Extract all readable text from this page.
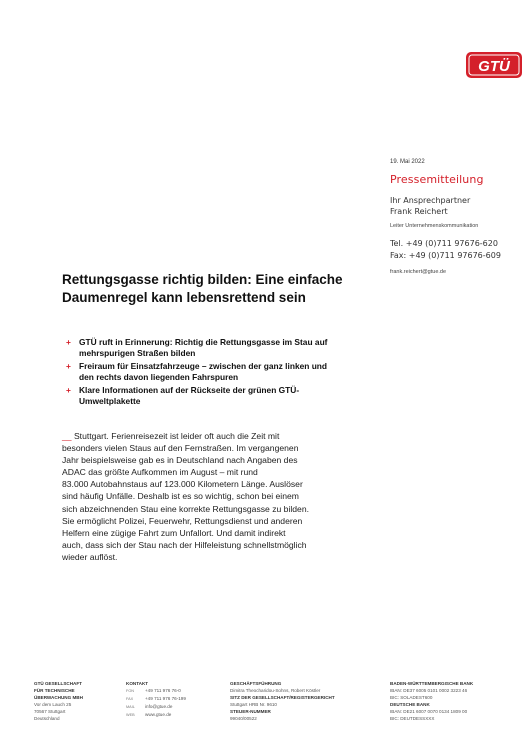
GTÜ
19. Mai 2022
Pressemitteilung
Ihr Ansprechpartner
Frank Reichert
Leiter Unternehmenskommunikation
Tel. +49 (0)711 97676-620
Fax: +49 (0)711 97676-609
frank.reichert@gtue.de
Rettungsgasse richtig bilden: Eine einfache
Daumenregel kann lebensrettend sein
+ GTÜ ruft in Erinnerung: Richtig die Rettungsgasse im Stau auf
mehrspurigen Straßen bilden
+ Freiraum für Einsatzfahrzeuge – zwischen der ganz linken und
den rechts davon liegenden Fahrspuren
+ Klare Informationen auf der Rückseite der grünen GTÜ-
Umweltplakette
__ Stuttgart. Ferienreisezeit ist leider oft auch die Zeit mit
besonders vielen Staus auf den Fernstraßen. Im vergangenen
Jahr beispielsweise gab es in Deutschland nach Angaben des
ADAC das größte Aufkommen im August – mit rund
83.000 Autobahnstaus auf 123.000 Kilometern Länge. Auslöser
sind häufig Unfälle. Deshalb ist es so wichtig, schon bei einem
sich abzeichnenden Stau eine korrekte Rettungsgasse zu bilden.
Sie ermöglicht Polizei, Feuerwehr, Rettungsdienst und anderen
Helfern eine zügige Fahrt zum Unfallort. Und damit indirekt
auch, dass sich der Stau nach der Hilfeleistung schnellstmöglich
wieder auflöst.
GTÜ GESELLSCHAFT
FÜR TECHNISCHE
ÜBERWACHUNG MBH
Vor dem Lauch 25
70567 Stuttgart
Deutschland
KONTAKT
FON +49 711 976 76-0
FAX	+49 711 976 76-199
MAIL info@gtue.de
WEB www.gtue.de
GESCHÄFTSFÜHRUNG
Dimitra Theocharidou-Sohns, Robert Köstler
SITZ DER GESELLSCHAFT/REGISTERGERICHT
Stuttgart HRB Nr. 9610
STEUER-NUMMER
99040/00522
BADEN-WÜRTTEMBERGISCHE BANK
IBAN: DE37 6005 0101 0002 3223 46
BIC: SOLADEST600
DEUTSCHE BANK
IBAN: DE21 6007 0070 0134 1809 00
BIC: DEUTDESSXXX
